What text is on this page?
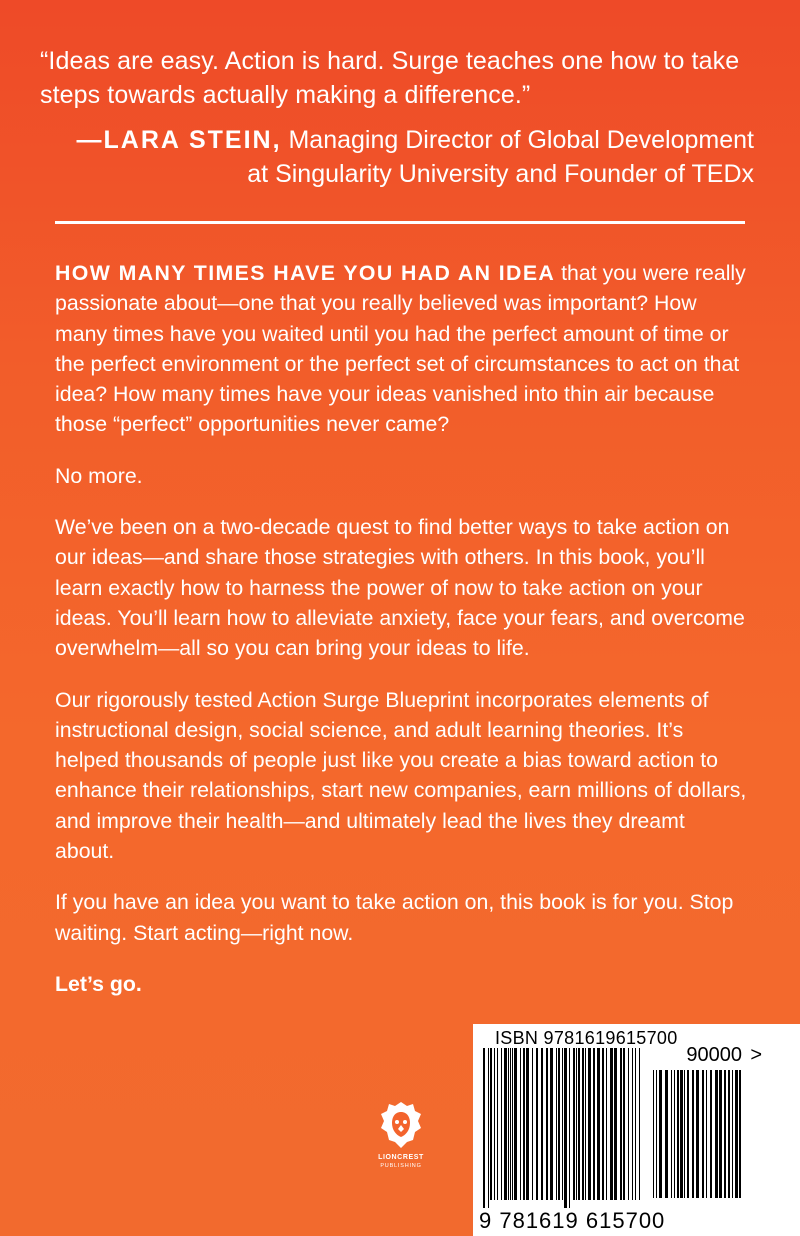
“Ideas are easy. Action is hard. Surge teaches one how to take steps towards actually making a difference.”
—LARA STEIN, Managing Director of Global Development
at Singularity University and Founder of TEDx

HOW MANY TIMES HAVE YOU HAD AN IDEA that you were really passionate about—one that you really believed was important? How many times have you waited until you had the perfect amount of time or the perfect environment or the perfect set of circumstances to act on that idea? How many times have your ideas vanished into thin air because those “perfect” opportunities never came?

No more.

We’ve been on a two-decade quest to find better ways to take action on our ideas—and share those strategies with others. In this book, you’ll learn exactly how to harness the power of now to take action on your ideas. You’ll learn how to alleviate anxiety, face your fears, and overcome overwhelm—all so you can bring your ideas to life.

Our rigorously tested Action Surge Blueprint incorporates elements of instructional design, social science, and adult learning theories. It’s helped thousands of people just like you create a bias toward action to enhance their relationships, start new companies, earn millions of dollars, and improve their health—and ultimately lead the lives they dreamt about.

If you have an idea you want to take action on, this book is for you. Stop waiting. Start acting—right now.

Let’s go.

LIONCREST
PUBLISHING
ISBN 9781619615700
90000 >
9 781619 615700
